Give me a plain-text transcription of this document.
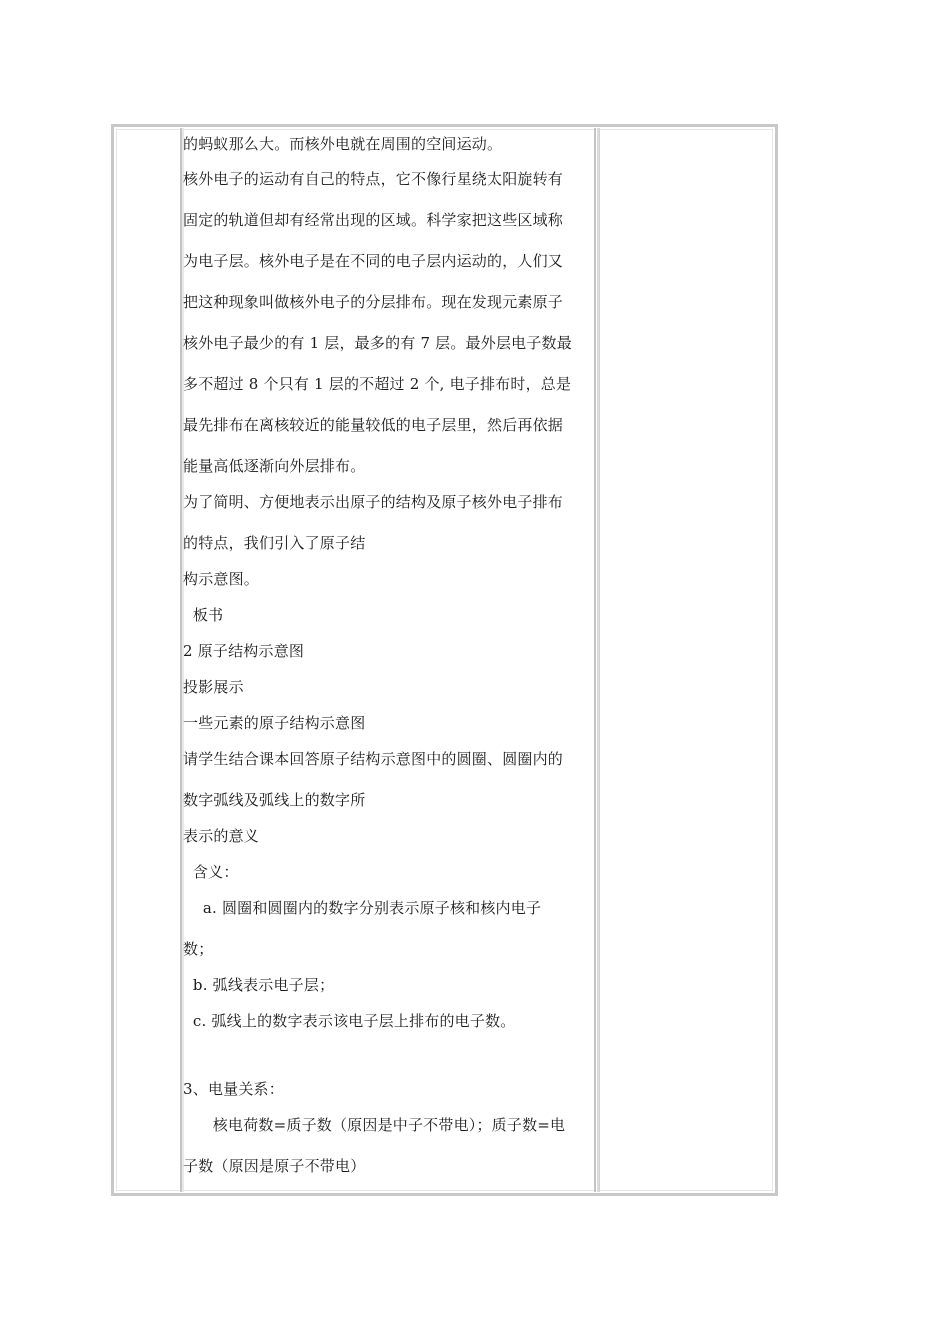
的蚂蚁那么大。而核外电就在周围的空间运动。
核外电子的运动有自己的特点，它不像行星绕太阳旋转有
固定的轨道但却有经常出现的区域。科学家把这些区域称
为电子层。核外电子是在不同的电子层内运动的，人们又
把这种现象叫做核外电子的分层排布。现在发现元素原子
核外电子最少的有 1 层，最多的有 7 层。最外层电子数最
多不超过 8 个只有 1 层的不超过 2 个, 电子排布时，总是
最先排布在离核较近的能量较低的电子层里，然后再依据
能量高低逐渐向外层排布。
为了简明、方便地表示出原子的结构及原子核外电子排布
的特点，我们引入了原子结
构示意图。
板书
2 原子结构示意图
投影展示
一些元素的原子结构示意图
请学生结合课本回答原子结构示意图中的圆圈、圆圈内的
数字弧线及弧线上的数字所
表示的意义
含义：
a. 圆圈和圆圈内的数字分别表示原子核和核内电子
数；
b. 弧线表示电子层；
c. 弧线上的数字表示该电子层上排布的电子数。
3、电量关系：
核电荷数=质子数（原因是中子不带电）；质子数=电
子数（原因是原子不带电）
